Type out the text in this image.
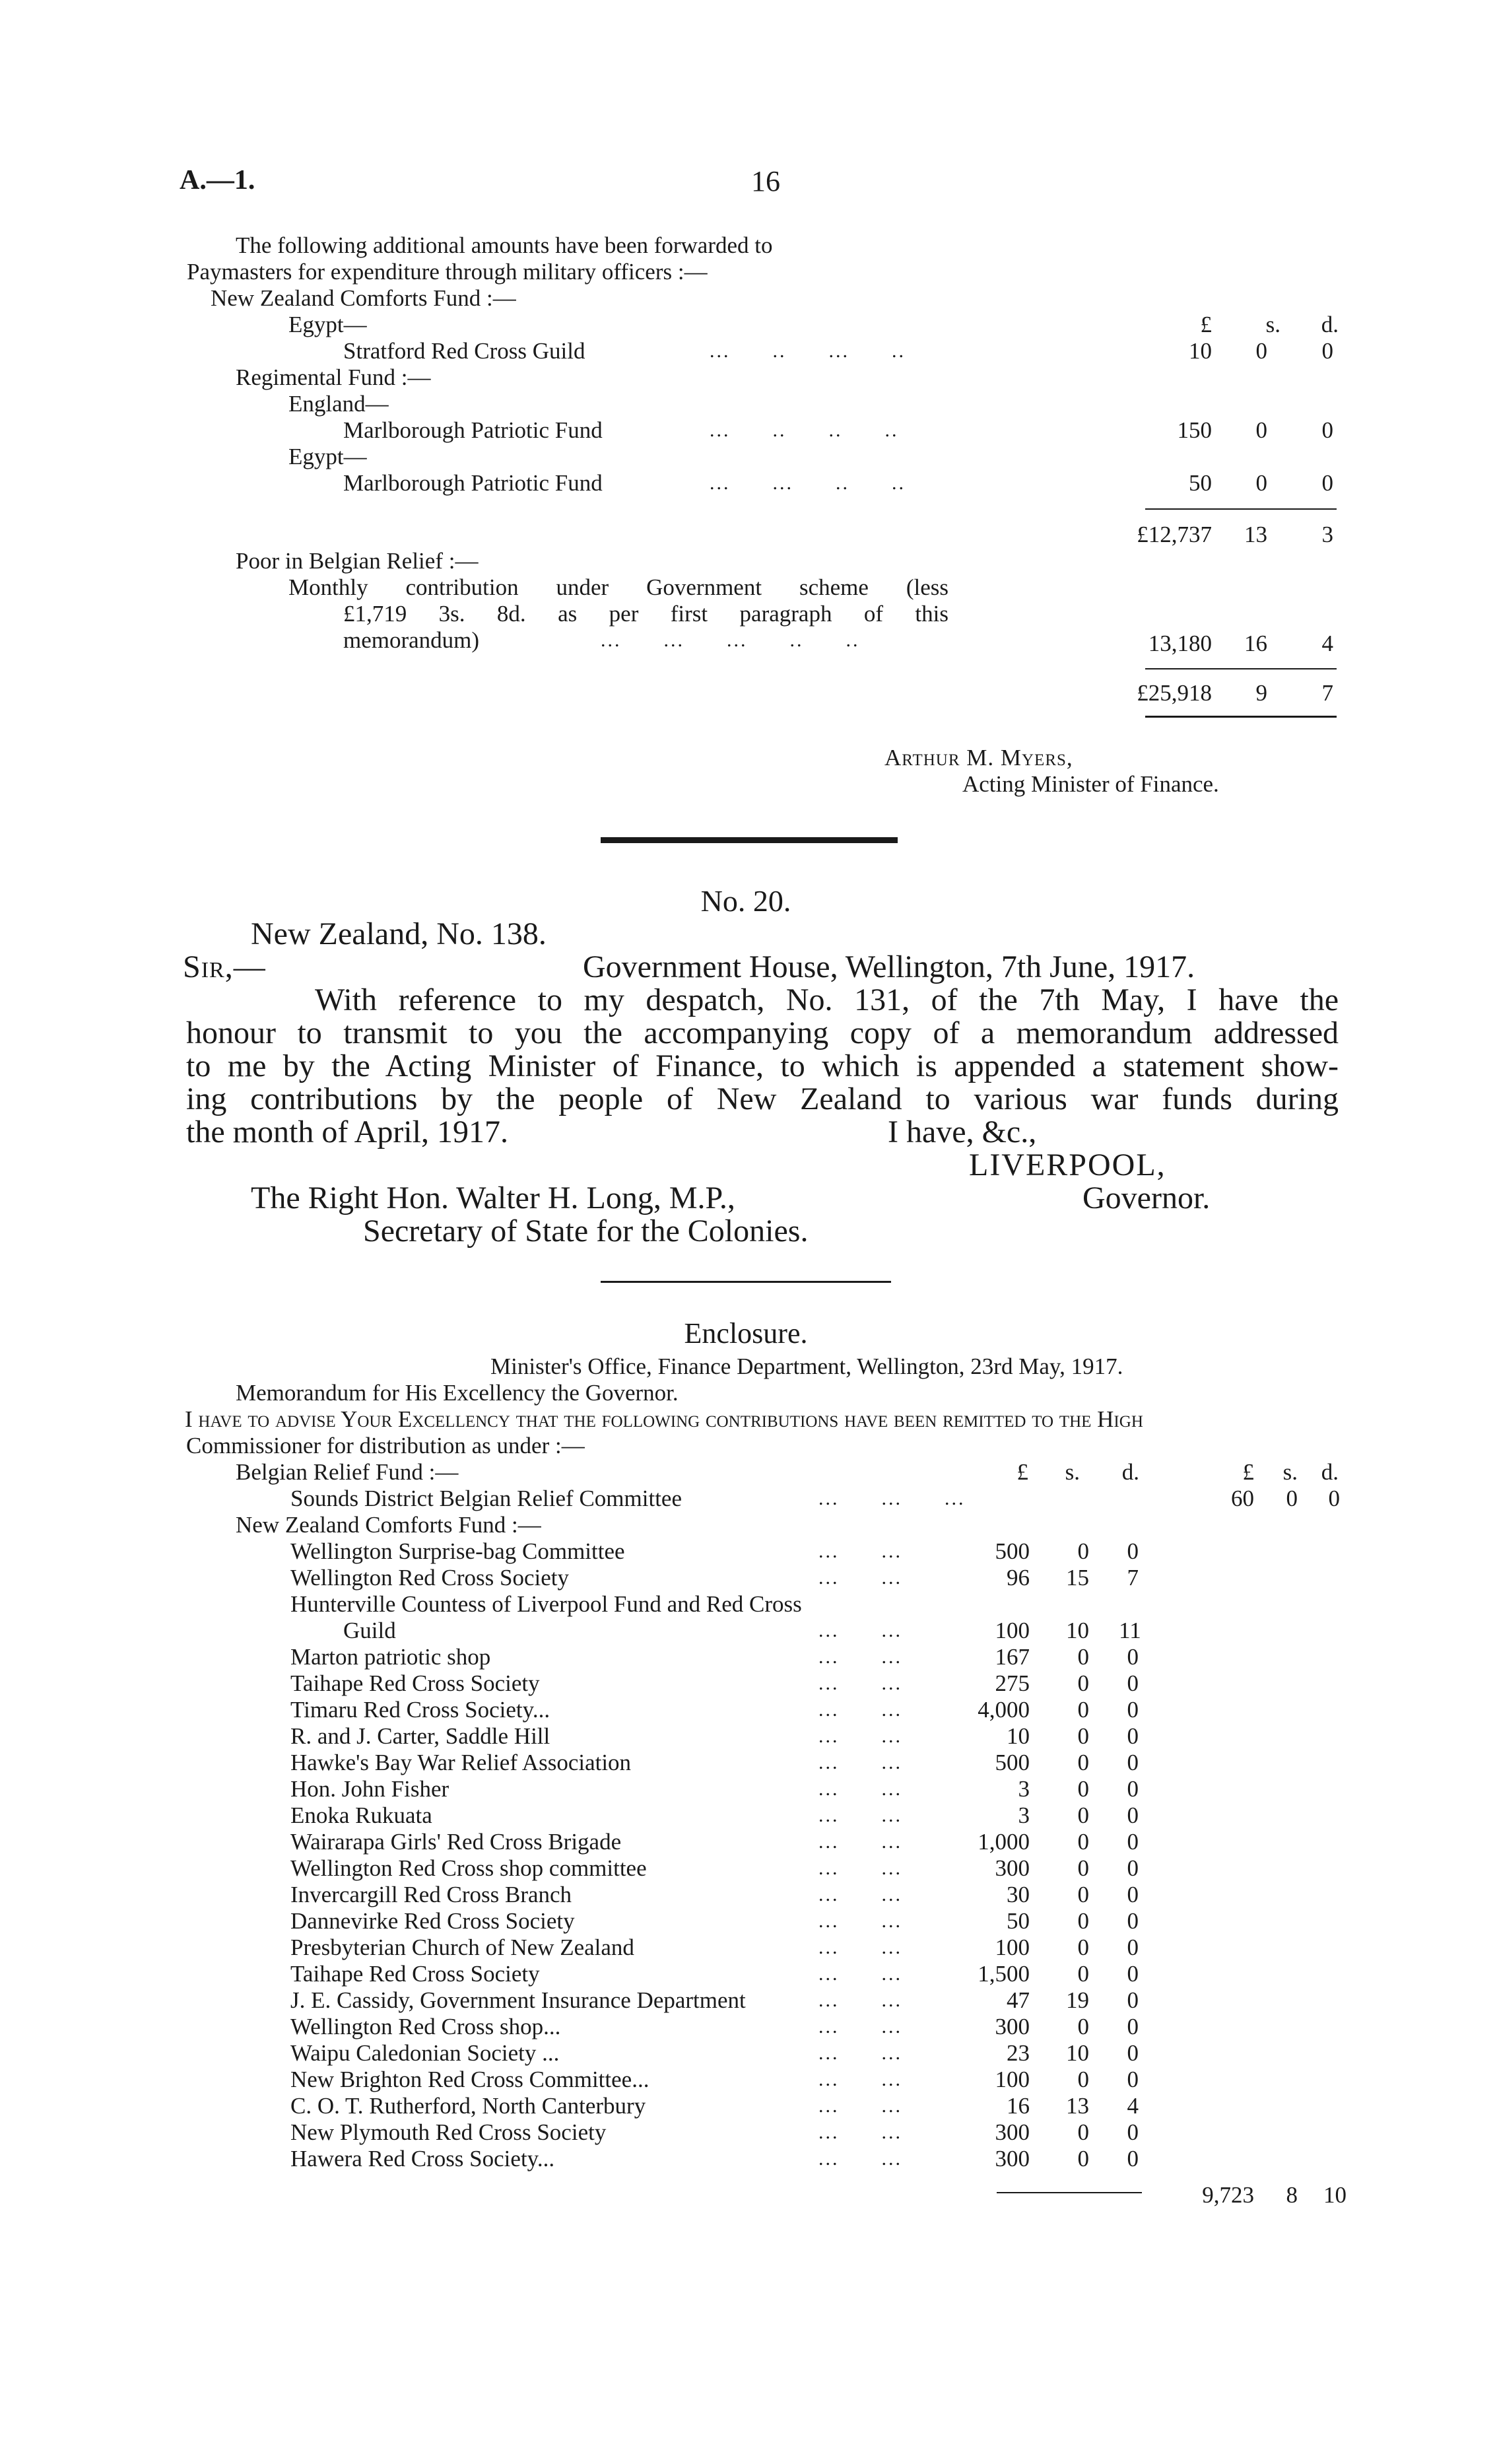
A.—1.	16
The following additional amounts have been forwarded to
Paymasters for expenditure through military officers :—
New Zealand Comforts Fund :—
Egypt—	£	s.	d.
Stratford Red Cross Guild	... .. ... ..	10	0	0
Regimental Fund :—
England—
Marlborough Patriotic Fund	... .. .. ..	150	0	0
Egypt—
Marlborough Patriotic Fund	... ... .. ..	50	0	0
£12,737 13	3
Poor in Belgian Relief :—
Monthly contribution under Government scheme (less
£1,719 3s. 8d. as per first paragraph of this
memorandum)	... ... ... .. ..	13,180 16	4
£25,918	9	7
Arthur M. Myers,
Acting Minister of Finance.
No. 20.
New Zealand, No. 138.
Sir,—	Government House, Wellington, 7th June, 1917.
With reference to my despatch, No. 131, of the 7th May, I have the
honour to transmit to you the accompanying copy of a memorandum addressed
to me by the Acting Minister of Finance, to which is appended a statement show-
ing contributions by the people of New Zealand to various war funds during
the month of April, 1917.	I have, &c.,
LIVERPOOL,
The Right Hon. Walter H. Long, M.P.,	Governor.
Secretary of State for the Colonies.
Enclosure.
Minister's Office, Finance Department, Wellington, 23rd May, 1917.
Memorandum for His Excellency the Governor.
I have to advise Your Excellency that the following contributions have been remitted to the High
Commissioner for distribution as under :—
Belgian Relief Fund :—	£	s.	d.	£	s.	d.
Sounds District Belgian Relief Committee	... ... ...	60	0	0
New Zealand Comforts Fund :—
Wellington Surprise-bag Committee	... ...	500	0	0
Wellington Red Cross Society	... ...	96 15	7
Hunterville Countess of Liverpool Fund and Red Cross
Guild	... ...	100 10 11
Marton patriotic shop	... ...	167	0	0
Taihape Red Cross Society	... ...	275	0	0
Timaru Red Cross Society...	... ...	4,000	0	0
R. and J. Carter, Saddle Hill	... ...	10	0	0
Hawke's Bay War Relief Association	... ...	500	0	0
Hon. John Fisher	... ...	3	0	0
Enoka Rukuata	... ...	3	0	0
Wairarapa Girls' Red Cross Brigade	... ...	1,000	0	0
Wellington Red Cross shop committee	... ...	300	0	0
Invercargill Red Cross Branch	... ...	30	0	0
Dannevirke Red Cross Society	... ...	50	0	0
Presbyterian Church of New Zealand	... ...	100	0	0
Taihape Red Cross Society	... ...	1,500	0	0
J. E. Cassidy, Government Insurance Department	... ...	47 19	0
Wellington Red Cross shop...	... ...	300	0	0
Waipu Caledonian Society ...	... ...	23 10	0
New Brighton Red Cross Committee...	... ...	100	0	0
C. O. T. Rutherford, North Canterbury	... ...	16 13	4
New Plymouth Red Cross Society	... ...	300	0	0
Hawera Red Cross Society...	... ...	300	0	0
9,723	8	10
